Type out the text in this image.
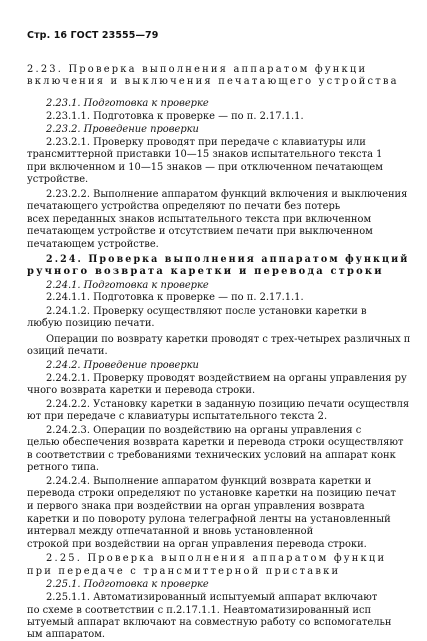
Стр. 16 ГОСТ 23555—79
2.23. Проверка выполнения аппаратом функци
включения и выключения печатающего устройства
2.23.1. Подготовка к проверке
2.23.1.1. Подготовка к проверке — по п. 2.17.1.1.
2.23.2. Проведение проверки
2.23.2.1. Проверку проводят при передаче с клавиатуры или
трансмиттерной приставки 10—15 знаков испытательного текста 1
при включенном и 10—15 знаков — при отключенном печатающем
устройстве.
2.23.2.2. Выполнение аппаратом функций включения и выключения
печатающего устройства определяют по печати без потерь
всех переданных знаков испытательного текста при включенном
печатающем устройстве и отсутствием печати при выключенном
печатающем устройстве.
2.24. Проверка выполнения аппаратом функций
ручного возврата каретки и перевода строки
2.24.1. Подготовка к проверке
2.24.1.1. Подготовка к проверке — по п. 2.17.1.1.
2.24.1.2. Проверку осуществляют после установки каретки в
любую позицию печати.
Операции по возврату каретки проводят с трех-четырех различных п
озиций печати.
2.24.2. Проведение проверки
2.24.2.1. Проверку проводят воздействием на органы управления ру
чного возврата каретки и перевода строки.
2.24.2.2. Установку каретки в заданную позицию печати осуществля
ют при передаче с клавиатуры испытательного текста 2.
2.24.2.3. Операции по воздействию на органы управления с
целью обеспечения возврата каретки и перевода строки осуществляют
в соответствии с требованиями технических условий на аппарат конк
ретного типа.
2.24.2.4. Выполнение аппаратом функций возврата каретки и
перевода строки определяют по установке каретки на позицию печат
и первого знака при воздействии на орган управления возврата
каретки и по повороту рулона телеграфной ленты на установленный
интервал между отпечатанной и вновь установленной
строкой при воздействии на орган управления перевода строки.
2.25. Проверка выполнения аппаратом функци
при передаче с трансмиттерной приставки
2.25.1. Подготовка к проверке
2.25.1.1. Автоматизированный испытуемый аппарат включают
по схеме в соответствии с п.2.17.1.1. Неавтоматизированный исп
ытуемый аппарат включают на совместную работу со вспомогательн
ым аппаратом.
